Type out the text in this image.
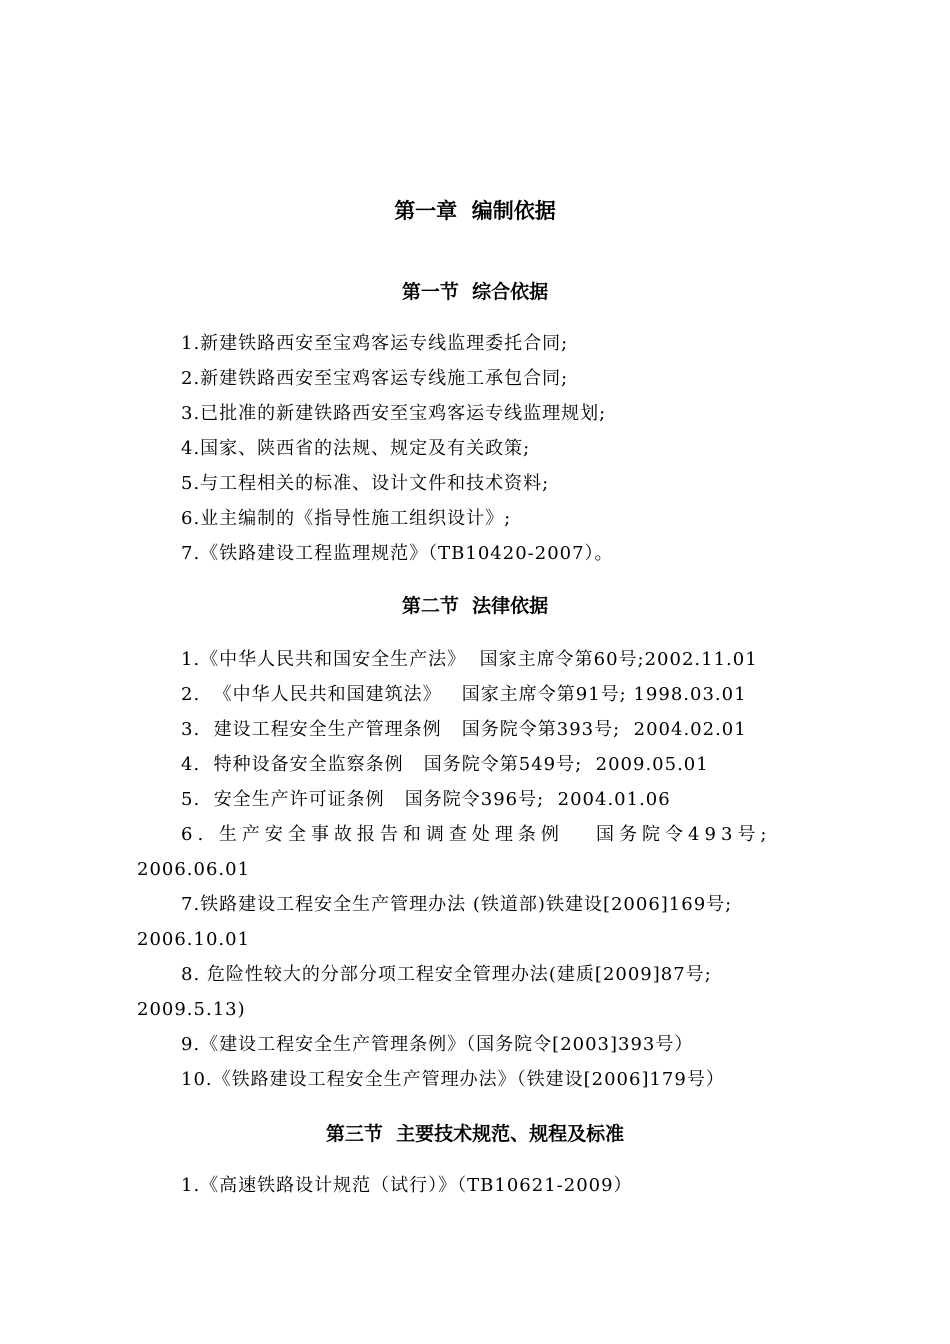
第一章  编制依据
第一节  综合依据
1.新建铁路西安至宝鸡客运专线监理委托合同;
2.新建铁路西安至宝鸡客运专线施工承包合同;
3.已批准的新建铁路西安至宝鸡客运专线监理规划;
4.国家、陕西省的法规、规定及有关政策;
5.与工程相关的标准、设计文件和技术资料;
6.业主编制的《指导性施工组织设计》;
7.《铁路建设工程监理规范》（TB10420-2007）。
第二节  法律依据
1.《中华人民共和国安全生产法》  国家主席令第60号;2002.11.01
2.  《中华人民共和国建筑法》   国家主席令第91号; 1998.03.01
3.  建设工程安全生产管理条例   国务院令第393号;  2004.02.01
4.  特种设备安全监察条例   国务院令第549号;  2009.05.01
5.  安全生产许可证条例   国务院令396号;  2004.01.06
6. 生产安全事故报告和调查处理条例   国务院令493号;
2006.06.01
7.铁路建设工程安全生产管理办法 (铁道部)铁建设[2006]169号;
2006.10.01
8. 危险性较大的分部分项工程安全管理办法(建质[2009]87号;
2009.5.13)
9.《建设工程安全生产管理条例》（国务院令[2003]393号）
10.《铁路建设工程安全生产管理办法》（铁建设[2006]179号）
第三节  主要技术规范、规程及标准
1.《高速铁路设计规范（试行）》（TB10621-2009）
